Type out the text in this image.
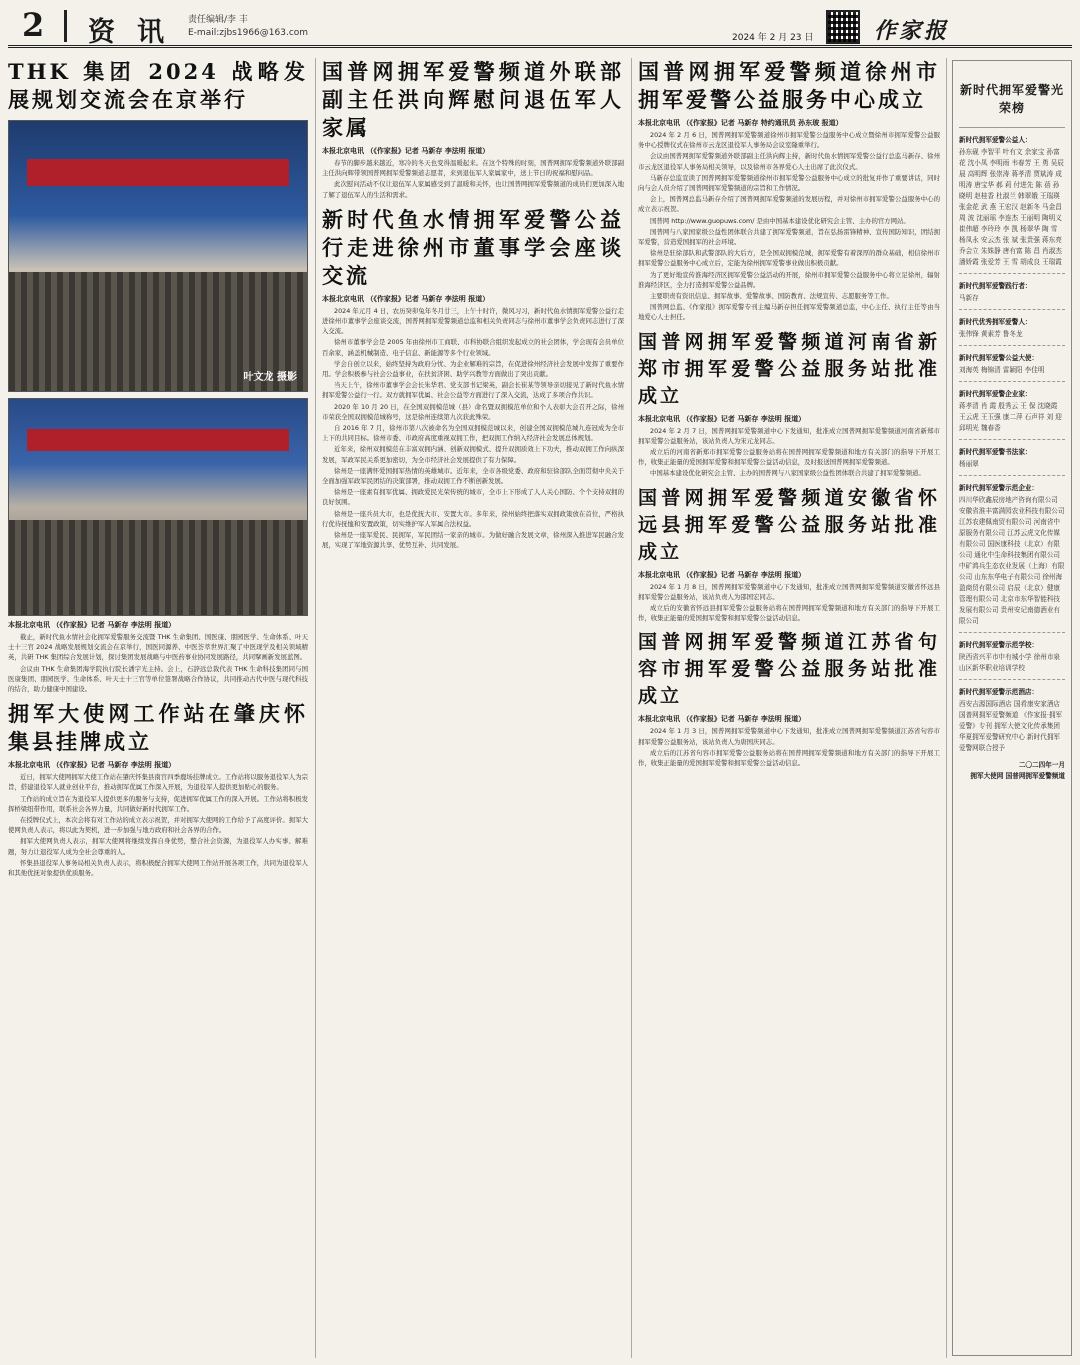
2 资讯 责任编辑/李 丰
E-mail:zjbs1966@163.com	2024 年 2 月 23 日	作家报
THK 集团 2024 战略发展规划交流会在京举行
叶文龙 摄影
本报北京电讯 （《作家报》记者 马新存 李法明 报道）

截止，新时代鱼水情社会化拥军爱警服务交流暨 THK 生命集团、国医康、朋园医学、生命体系、叶天士十三官 2024 战略发展规划交流会在京举行，国医同源养、中医荟萃世界汇聚了中医现学及相关领域精英，共研 THK 集团综合发展计划，探讨集团发展战略与中医药事业协同发展路径，共同擘画新发展蓝图。

会议由 THK 生命集团海学院执行院长潘宇光主持。会上，石辞远总裁代表 THK 生命科技集团同与国医康集团、朋园医学、生命体系、叶天士十三官等单位签署战略合作协议，共同推动古代中医与现代科技的结合，助力健康中国建设。

拥军大使网工作站在肇庆怀集县挂牌成立
本报北京电讯 （《作家报》记者 马新存 李法明 报道）

近日，拥军大使网拥军大使工作站在肇庆怀集县南宫四季鹿场挂牌成立。工作站将以服务退役军人为宗旨，搭建退役军人就业创业平台，推动拥军优属工作深入开展，为退役军人提供更加贴心的服务。

工作站的成立旨在为退役军人提供更多的服务与支持，促进拥军优属工作的深入开展。工作站将积极发挥桥梁纽带作用，联系社会各界力量，共同做好新时代拥军工作。

在授牌仪式上，本次会将有对工作站的成立表示祝贺，并对拥军大使网的工作给予了高度评价。拥军大使网负责人表示，将以此为契机，进一步加强与地方政府和社会各界的合作。

拥军大使网负责人表示，拥军大使网将继续发挥自身优势，整合社会资源，为退役军人办实事、解难题，努力让退役军人成为全社会尊重的人。

怀集县退役军人事务局相关负责人表示，将积极配合拥军大使网工作站开展各项工作，共同为退役军人和其他优抚对象提供优质服务。

国普网拥军爱警频道外联部副主任洪向辉慰问退伍军人家属
本报北京电讯 （《作家报》记者 马新存 李法明 报道）

春节的脚步越来越近，寒冷的冬天也变得温暖起来。在这个特殊的时刻，国普网拥军爱警频道外联部副主任洪向辉带领国普网拥军爱警频道志愿者，来到退伍军人家属家中，送上节日的祝福和慰问品。

此次慰问活动不仅让退伍军人家属感受到了温暖和关怀，也让国普网拥军爱警频道的成员们更加深入地了解了退伍军人的生活和需求。

新时代鱼水情拥军爱警公益行走进徐州市董事学会座谈交流
本报北京电讯 （《作家报》记者 马新存 李法明 报道）

2024 年元月 4 日，农历癸卯兔年冬月廿三，上午十时许，微风习习，新时代鱼水情拥军爱警公益行走进徐州市董事学会座谈交流，国普网拥军爱警频道总监和相关负责同志与徐州市董事学会负责同志进行了深入交流。

徐州市董事学会是 2005 年由徐州市工商联、市科协联合组织发起成立的社会团体，学会现有会员单位百余家，涵盖机械制造、电子信息、新能源等多个行业领域。

学会自创立以来，始终坚持为政府分忧、为企业解难的宗旨，在促进徐州经济社会发展中发挥了重要作用。学会积极参与社会公益事业，在扶贫济困、助学兴教等方面做出了突出贡献。

当天上午，徐州市董事学会会长朱华君、党支部书记梁英，副会长崔某等领导亲切接见了新时代鱼水情拥军爱警公益行一行。双方就拥军优属、社会公益等方面进行了深入交流，达成了多项合作共识。

2020 年 10 月 20 日，在全国双拥模范城（县）命名暨双拥模范单位和个人表彰大会召开之际，徐州市荣获全国双拥模范城称号，这是徐州连续第九次获此殊荣。

自 2016 年 7 月，徐州市第八次被命名为全国双拥模范城以来，创建全国双拥模范城九连冠成为全市上下的共同目标。徐州市委、市政府高度重视双拥工作，把双拥工作纳入经济社会发展总体规划。

近年来，徐州双拥模范在丰富双拥内涵、创新双拥模式、提升双拥质效上下功夫，推动双拥工作向纵深发展，军政军民关系更加密切，为全市经济社会发展提供了有力保障。

徐州是一座满怀爱国拥军热情的英雄城市。近年来，全市各级党委、政府和驻徐部队全面贯彻中央关于全面加强军政军民团结的决策部署，推动双拥工作不断创新发展。

徐州是一座素有拥军优属、拥政爱民光荣传统的城市，全市上下形成了人人关心国防、个个支持双拥的良好氛围。

徐州是一座兵员大市，也是优抚大市、安置大市。多年来，徐州始终把落实双拥政策放在首位，严格执行优待抚恤和安置政策，切实维护军人军属合法权益。

徐州是一座军爱民、民拥军，军民团结一家亲的城市。为做好融合发展文章，徐州深入推进军民融合发展，实现了军地资源共享、优势互补、共同发展。

国普网拥军爱警频道徐州市拥军爱警公益服务中心成立
本报北京电讯 （《作家报》记者 马新存 特约通讯员 孙东玻 报道）

2024 年 2 月 6 日，国普网拥军爱警频道徐州市拥军爱警公益服务中心成立暨徐州市拥军爱警公益服务中心授牌仪式在徐州市云龙区退役军人事务局会议室隆重举行。

会议由国普网拥军爱警频道外联部副主任洪向辉主持，新时代鱼水情拥军爱警公益行总监马新存、徐州市云龙区退役军人事务局相关领导，以及徐州市各界爱心人士出席了此次仪式。

马新存总监宣读了国普网拥军爱警频道徐州市拥军爱警公益服务中心成立的批复并作了重要讲话，同时向与会人员介绍了国普网拥军爱警频道的宗旨和工作情况。

会上，国普网总监马新存介绍了国普网拥军爱警频道的发展历程，并对徐州市拥军爱警公益服务中心的成立表示祝贺。

国普网 http://www.guopuws.com/ 是由中国基本建设优化研究会主管、主办的官方网站。

国普网与八家国家级公益性团体联合共建了拥军爱警频道，旨在弘扬雷锋精神、宣传国防知识，团结拥军爱警，营造爱国拥军的社会环境。

徐州是驻徐部队和武警部队的大后方，是全国双拥模范城，拥军爱警有着深厚的群众基础，相信徐州市拥军爱警公益服务中心成立后，定能为徐州拥军爱警事业做出积极贡献。

为了更好地宣传淮海经济区拥军爱警公益活动的开展，徐州市拥军爱警公益服务中心将立足徐州，辐射淮海经济区，全力打造拥军爱警公益品牌。

主要职责有资讯信息、拥军故事、爱警故事、国防教育、法规宣传、志愿服务等工作。

国普网总监、《作家报》拥军爱警专刊主编马新存担任拥军爱警频道总监，中心主任、执行主任等由当地爱心人士担任。

国普网拥军爱警频道河南省新郑市拥军爱警公益服务站批准成立
本报北京电讯 （《作家报》记者 马新存 李法明 报道）

2024 年 2 月 7 日，国普网拥军爱警频道中心下发通知，批准成立国普网拥军爱警频道河南省新郑市拥军爱警公益服务站，该站负责人为宋元龙同志。

成立后的河南省新郑市拥军爱警公益服务站将在国普网拥军爱警频道和地方有关部门的指导下开展工作，收集正能量的爱国拥军爱警和拥军爱警公益活动信息，及时报送国普网拥军爱警频道。

中国基本建设优化研究会主管、主办的国普网与八家国家级公益性团体联合共建了拥军爱警频道。

国普网拥军爱警频道安徽省怀远县拥军爱警公益服务站批准成立
本报北京电讯 （《作家报》记者 马新存 李法明 报道）

2024 年 1 月 8 日，国普网拥军爱警频道中心下发通知，批准成立国普网拥军爱警频道安徽省怀远县拥军爱警公益服务站，该站负责人为邵国宏同志。

成立后的安徽省怀远县拥军爱警公益服务站将在国普网拥军爱警频道和地方有关部门的指导下开展工作，收集正能量的爱国拥军爱警和拥军爱警公益活动信息。

国普网拥军爱警频道江苏省句容市拥军爱警公益服务站批准成立
本报北京电讯 （《作家报》记者 马新存 李法明 报道）

2024 年 1 月 3 日，国普网拥军爱警频道中心下发通知，批准成立国普网拥军爱警频道江苏省句容市拥军爱警公益服务站，该站负责人为唐国庆同志。

成立后的江苏省句容市拥军爱警公益服务站将在国普网拥军爱警频道和地方有关部门的指导下开展工作，收集正能量的爱国拥军爱警和拥军爱警公益活动信息。

新时代拥军爱警光荣榜
新时代拥军爱警公益人：
孙东砚 李智平 叶有文 余家宝 孙富花 沈小凤 李明雨 韦春芳 王 勇 吴辰晨 高明辉 张崇涛 蒋孝清 贾斌涛 成明涛 唐宝华 郝 莉 付进先 陈 蓓 孙晓明 赵桂香 杜淑兰 韩翠娥 王瑞瑛 张金花 武 燕 王宏汉 赵新冬 马金昌 周 波 沈丽瑶 李连杰 王丽明 陶明义 崔伟超 李玲玲 李 凯 杨翠华 陶 雪 杨凤永 安云杰 张 斌 张贵强 蒋东亮 乔会立 朱姝静 唐有富 陈 昌 肖淑杰 潘娇霞 张爱芳 王 雪 胡成良 王瑞霞
新时代拥军爱警践行者：
马新存
新时代优秀拥军爱警人：
张伟锋 黄素芳 鲁冬龙
新时代拥军爱警公益大使：
刘海英 梅锦清 雷颖阳 李佳明
新时代拥军爱警企业家：
蒋孝清 肖 霞 殷秀云 王 保 沈晓霞 王云虎 王玉强 康二萍 石声祥 刘 迎 邱明光 魏春香
新时代拥军爱警书法家：
杨丽翠
新时代拥军爱警示范企业：
四川华欣鑫辰房地产咨询有限公司 安徽省淮丰富满园农业科技有限公司 江苏农建佩南贸有限公司 河南省中原服务有限公司 江苏云虎文化传媒有限公司 国医康科技（北京）有限公司 通化中生命科技集团有限公司 中矿鸿兵生态农业发展（上海）有限公司 山东东华电子有限公司 徐州海盈商贸有限公司 启辰（北京）健康管理有限公司 北京市东华智能科技发展有限公司 贵州安记南德酒业有限公司
新时代拥军爱警示范学校：
陕西省兴平市申有城小学 徐州市泉山区新华职业培训学校
新时代拥军爱警示范酒店：
西安吉源国际酒店 国肴康安家酒店 国普网拥军爱警频道 《作家报·拥军爱警》专刊 拥军大使文化传承集团 华夏拥军爱警研究中心 新时代拥军爱警网联合授予
二〇二四年一月
拥军大使网 国普网拥军爱警频道
